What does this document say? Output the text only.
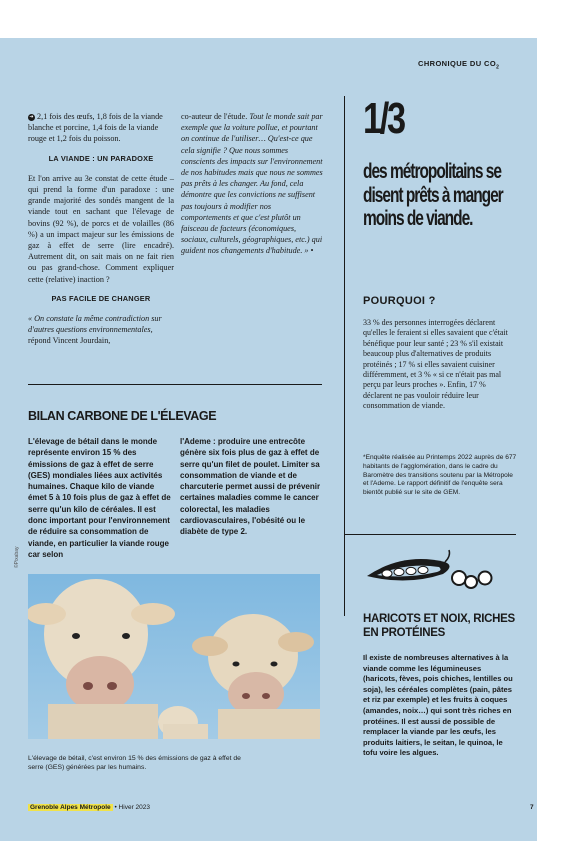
CHRONIQUE DU $CO_2$

➜ 2,1 fois des œufs, 1,8 fois de la viande blanche et porcine, 1,4 fois de la viande rouge et 1,2 fois du poisson.

LA VIANDE : UN PARADOXE

Et l'on arrive au 3e constat de cette étude – qui prend la forme d'un paradoxe : une grande majorité des sondés mangent de la viande tout en sachant que l'élevage de bovins (92 %), de porcs et de volailles (86 %) a un impact majeur sur les émissions de gaz à effet de serre (lire encadré). Autrement dit, on sait mais on ne fait rien ou pas grand-chose. Comment expliquer cette (relative) inaction ?

PAS FACILE DE CHANGER

« On constate la même contradiction sur d'autres questions environnementales, répond Vincent Jourdain,

co-auteur de l'étude. Tout le monde sait par exemple que la voiture pollue, et pourtant on continue de l'utiliser… Qu'est-ce que cela signifie ? Que nous sommes conscients des impacts sur l'environnement de nos habitudes mais que nous ne sommes pas prêts à les changer. Au fond, cela démontre que les convictions ne suffisent pas toujours à modifier nos comportements et que c'est plutôt un faisceau de facteurs (économiques, sociaux, culturels, géographiques, etc.) qui guident nos changements d'habitude. » •

1/3
des métropolitains se disent prêts à manger moins de viande.
POURQUOI ?
33 % des personnes interrogées déclarent qu'elles le feraient si elles savaient que c'était bénéfique pour leur santé ; 23 % s'il existait beaucoup plus d'alternatives de produits protéinés ; 17 % si elles savaient cuisiner différemment, et 3 % « si ce n'était pas mal perçu par leurs proches ». Enfin, 17 % déclarent ne pas vouloir réduire leur consommation de viande.
*Enquête réalisée au Printemps 2022 auprès de 677 habitants de l'agglomération, dans le cadre du Baromètre des transitions soutenu par la Métropole et l'Ademe. Le rapport définitif de l'enquête sera bientôt publié sur le site de GEM.
BILAN CARBONE DE L'ÉLEVAGE
L'élevage de bétail dans le monde représente environ 15 % des émissions de gaz à effet de serre (GES) mondiales liées aux activités humaines. Chaque kilo de viande émet 5 à 10 fois plus de gaz à effet de serre qu'un kilo de céréales. Il est donc important pour l'environnement de réduire sa consommation de viande, en particulier la viande rouge car selon
l'Ademe : produire une entrecôte génère six fois plus de gaz à effet de serre qu'un filet de poulet. Limiter sa consommation de viande et de charcuterie permet aussi de prévenir certaines maladies comme le cancer colorectal, les maladies cardiovasculaires, l'obésité ou le diabète de type 2.
©Pixabay
L'élevage de bétail, c'est environ 15 % des émissions de gaz à effet de serre (GES) générées par les humains.
HARICOTS ET NOIX, RICHES EN PROTÉINES
Il existe de nombreuses alternatives à la viande comme les légumineuses (haricots, fèves, pois chiches, lentilles ou soja), les céréales complètes (pain, pâtes et riz par exemple) et les fruits à coques (amandes, noix…) qui sont très riches en protéines. Il est aussi de possible de remplacer la viande par les œufs, les produits laitiers, le seitan, le quinoa, le tofu voire les algues.
Grenoble Alpes Métropole • Hiver 2023	7
